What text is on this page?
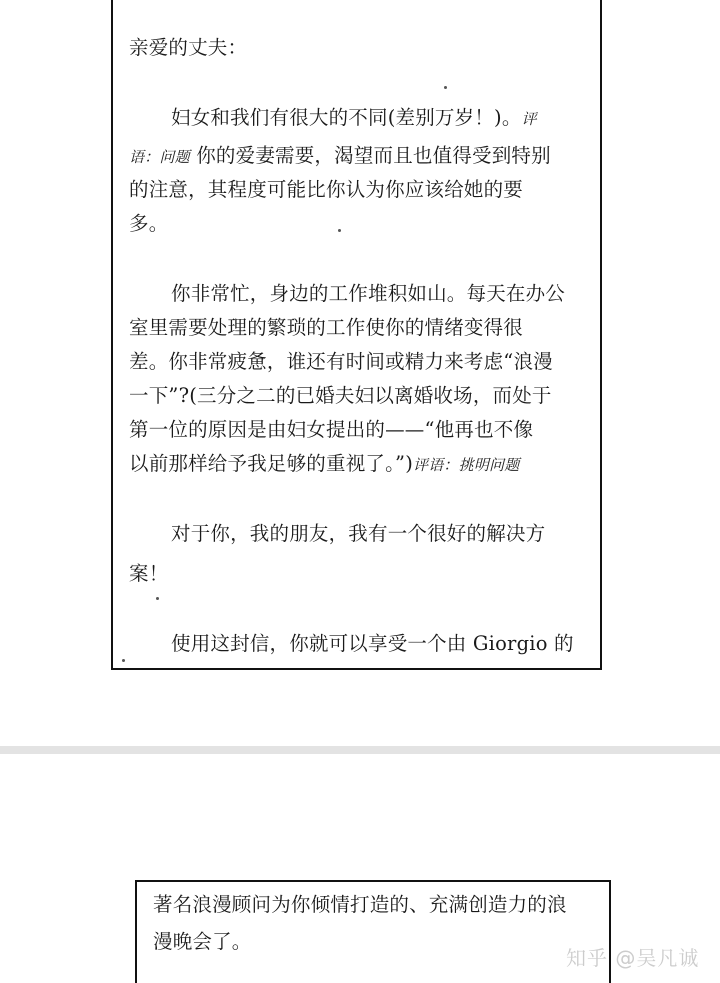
亲爱的丈夫：
妇女和我们有很大的不同(差别万岁！)。评
语：问题 你的爱妻需要，渴望而且也值得受到特别
的注意，其程度可能比你认为你应该给她的要
多。
你非常忙，身边的工作堆积如山。每天在办公
室里需要处理的繁琐的工作使你的情绪变得很
差。你非常疲惫，谁还有时间或精力来考虑“浪漫
一下”?(三分之二的已婚夫妇以离婚收场，而处于
第一位的原因是由妇女提出的——“他再也不像
以前那样给予我足够的重视了。”)评语：挑明问题
对于你，我的朋友，我有一个很好的解决方
案！
使用这封信，你就可以享受一个由 Giorgio 的
著名浪漫顾问为你倾情打造的、充满创造力的浪
漫晚会了。
知乎 @吴凡诚
